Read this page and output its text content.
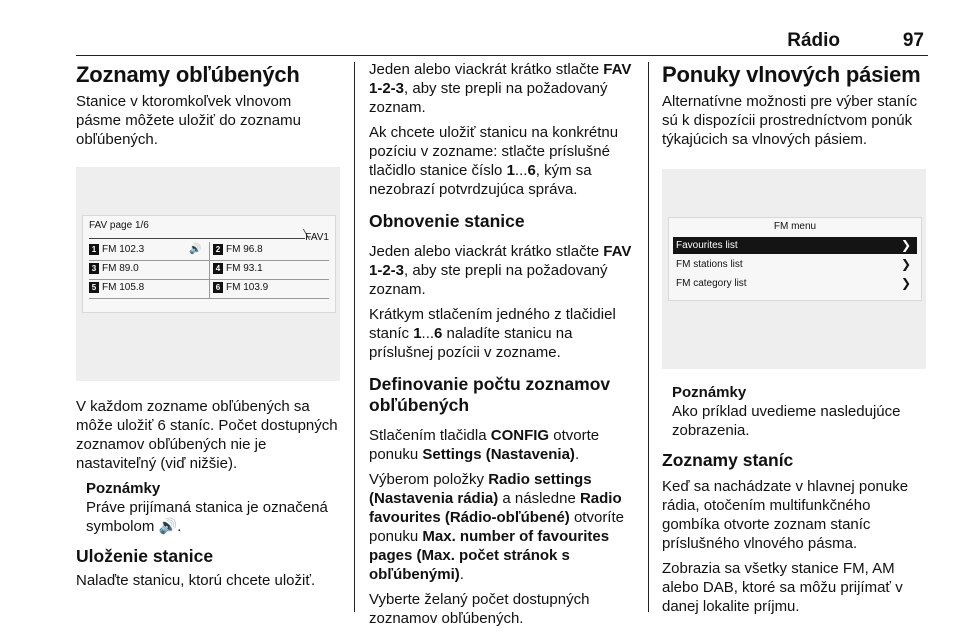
Rádio	97
Zoznamy obľúbených

Stanice v ktoromkoľvek vlnovom pásme môžete uložiť do zoznamu obľúbených.

FAV page 1/6
FAV1
1 FM 102.3	🔊	2 FM 96.8
3 FM 89.0	4 FM 93.1
5 FM 105.8	6 FM 103.9

V každom zozname obľúbených sa môže uložiť 6 staníc. Počet dostupných zoznamov obľúbených nie je nastaviteľný (viď nižšie).

Poznámky

Práve prijímaná stanica je označená symbolom 🔊.

Uloženie stanice

Nalaďte stanicu, ktorú chcete uložiť.

Jeden alebo viackrát krátko stlačte FAV 1-2-3, aby ste prepli na požadovaný zoznam.

Ak chcete uložiť stanicu na konkrétnu pozíciu v zozname: stlačte príslušné tlačidlo stanice číslo 1...6, kým sa nezobrazí potvrdzujúca správa.

Obnovenie stanice

Jeden alebo viackrát krátko stlačte FAV 1-2-3, aby ste prepli na požadovaný zoznam.

Krátkym stlačením jedného z tlačidiel staníc 1...6 naladíte stanicu na príslušnej pozícii v zozname.

Definovanie počtu zoznamov obľúbených

Stlačením tlačidla CONFIG otvorte ponuku Settings (Nastavenia).

Výberom položky Radio settings (Nastavenia rádia) a následne Radio favourites (Rádio-obľúbené) otvoríte ponuku Max. number of favourites pages (Max. počet stránok s obľúbenými).

Vyberte želaný počet dostupných zoznamov obľúbených.

Ponuky vlnových pásiem

Alternatívne možnosti pre výber staníc sú k dispozícii prostredníctvom ponúk týkajúcich sa vlnových pásiem.

FM menu
Favourites list	❯
FM stations list	❯
FM category list	❯
Poznámky

Ako príklad uvedieme nasledujúce zobrazenia.

Zoznamy staníc

Keď sa nachádzate v hlavnej ponuke rádia, otočením multifunkčného gombíka otvorte zoznam staníc príslušného vlnového pásma.

Zobrazia sa všetky stanice FM, AM alebo DAB, ktoré sa môžu prijímať v danej lokalite príjmu.
